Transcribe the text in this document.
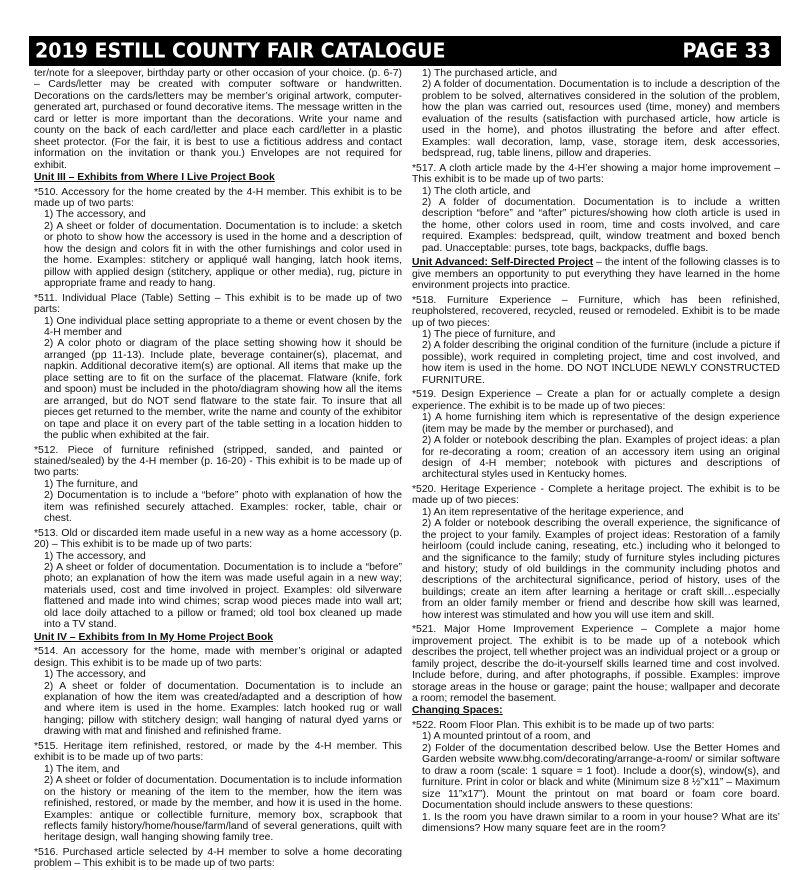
2019 ESTILL COUNTY FAIR CATALOGUE	PAGE 33

ter/note for a sleepover, birthday party or other occasion of your choice. (p. 6-7) – Cards/letter may be created with computer software or handwritten. Decorations on the cards/letters may be member’s original artwork, computer-generated art, purchased or found decorative items. The message written in the card or letter is more important than the decorations. Write your name and county on the back of each card/letter and place each card/letter in a plastic sheet protector. (For the fair, it is best to use a fictitious address and contact information on the invitation or thank you.) Envelopes are not required for exhibit.

Unit III – Exhibits from Where I Live Project Book

*510. Accessory for the home created by the 4-H member. This exhibit is to be made up of two parts:

1) The accessory, and

2) A sheet or folder of documentation. Documentation is to include: a sketch or photo to show how the accessory is used in the home and a description of how the design and colors fit in with the other furnishings and color used in the home. Examples: stitchery or appliqué wall hanging, latch hook items, pillow with applied design (stitchery, applique or other media), rug, picture in appropriate frame and ready to hang.

*511. Individual Place (Table) Setting – This exhibit is to be made up of two parts:

1) One individual place setting appropriate to a theme or event chosen by the 4-H member and

2) A color photo or diagram of the place setting showing how it should be arranged (pp 11-13). Include plate, beverage container(s), placemat, and napkin. Additional decorative item(s) are optional. All items that make up the place setting are to fit on the surface of the placemat. Flatware (knife, fork and spoon) must be included in the photo/diagram showing how all the items are arranged, but do NOT send flatware to the state fair. To insure that all pieces get returned to the member, write the name and county of the exhibitor on tape and place it on every part of the table setting in a location hidden to the public when exhibited at the fair.

*512. Piece of furniture refinished (stripped, sanded, and painted or stained/sealed) by the 4-H member (p. 16-20) - This exhibit is to be made up of two parts:

1) The furniture, and

2) Documentation is to include a “before” photo with explanation of how the item was refinished securely attached. Examples: rocker, table, chair or chest.

*513. Old or discarded item made useful in a new way as a home accessory (p. 20) – This exhibit is to be made up of two parts:

1) The accessory, and

2) A sheet or folder of documentation. Documentation is to include a “before” photo; an explanation of how the item was made useful again in a new way; materials used, cost and time involved in project. Examples: old silverware flattened and made into wind chimes; scrap wood pieces made into wall art; old lace doily attached to a pillow or framed; old tool box cleaned up made into a TV stand.

Unit IV – Exhibits from In My Home Project Book

*514. An accessory for the home, made with member’s original or adapted design. This exhibit is to be made up of two parts:

1) The accessory, and

2) A sheet or folder of documentation. Documentation is to include an explanation of how the item was created/adapted and a description of how and where item is used in the home. Examples: latch hooked rug or wall hanging; pillow with stitchery design; wall hanging of natural dyed yarns or drawing with mat and finished and refinished frame.

*515. Heritage item refinished, restored, or made by the 4-H member. This exhibit is to be made up of two parts:

1) The item, and

2) A sheet or folder of documentation. Documentation is to include information on the history or meaning of the item to the member, how the item was refinished, restored, or made by the member, and how it is used in the home. Examples: antique or collectible furniture, memory box, scrapbook that reflects family history/home/house/farm/land of several generations, quilt with heritage design, wall hanging showing family tree.

*516. Purchased article selected by 4-H member to solve a home decorating problem – This exhibit is to be made up of two parts:

1) The purchased article, and

2) A folder of documentation. Documentation is to include a description of the problem to be solved, alternatives considered in the solution of the problem, how the plan was carried out, resources used (time, money) and members evaluation of the results (satisfaction with purchased article, how article is used in the home), and photos illustrating the before and after effect. Examples: wall decoration, lamp, vase, storage item, desk accessories, bedspread, rug, table linens, pillow and draperies.

*517. A cloth article made by the 4-H’er showing a major home improvement – This exhibit is to be made up of two parts:

1) The cloth article, and

2) A folder of documentation. Documentation is to include a written description “before” and “after” pictures/showing how cloth article is used in the home, other colors used in room, time and costs involved, and care required. Examples: bedspread, quilt, window treatment and boxed bench pad. Unacceptable: purses, tote bags, backpacks, duffle bags.

Unit Advanced: Self-Directed Project – the intent of the following classes is to give members an opportunity to put everything they have learned in the home environment projects into practice.

*518. Furniture Experience – Furniture, which has been refinished, reupholstered, recovered, recycled, reused or remodeled. Exhibit is to be made up of two pieces:

1) The piece of furniture, and

2) A folder describing the original condition of the furniture (include a picture if possible), work required in completing project, time and cost involved, and how item is used in the home. DO NOT INCLUDE NEWLY CONSTRUCTED FURNITURE.

*519. Design Experience – Create a plan for or actually complete a design experience. The exhibit is to be made up of two pieces:

1) A home furnishing item which is representative of the design experience (item may be made by the member or purchased), and

2) A folder or notebook describing the plan. Examples of project ideas: a plan for re-decorating a room; creation of an accessory item using an original design of 4-H member; notebook with pictures and descriptions of architectural styles used in Kentucky homes.

*520. Heritage Experience - Complete a heritage project. The exhibit is to be made up of two pieces:

1) An item representative of the heritage experience, and

2) A folder or notebook describing the overall experience, the significance of the project to your family. Examples of project ideas: Restoration of a family heirloom (could include caning, reseating, etc.) including who it belonged to and the significance to the family; study of furniture styles including pictures and history; study of old buildings in the community including photos and descriptions of the architectural significance, period of history, uses of the buildings; create an item after learning a heritage or craft skill…especially from an older family member or friend and describe how skill was learned, how interest was stimulated and how you will use item and skill.

*521. Major Home Improvement Experience – Complete a major home improvement project. The exhibit is to be made up of a notebook which describes the project, tell whether project was an individual project or a group or family project, describe the do-it-yourself skills learned time and cost involved. Include before, during, and after photographs, if possible. Examples: improve storage areas in the house or garage; paint the house; wallpaper and decorate a room; remodel the basement.

Changing Spaces:

*522. Room Floor Plan. This exhibit is to be made up of two parts:

1) A mounted printout of a room, and

2) Folder of the documentation described below. Use the Better Homes and Garden website www.bhg.com/decorating/arrange-a-room/ or similar software to draw a room (scale: 1 square = 1 foot). Include a door(s), window(s), and furniture. Print in color or black and white (Minimum size 8 ½”x11” – Maximum size 11”x17”). Mount the printout on mat board or foam core board. Documentation should include answers to these questions:

1. Is the room you have drawn similar to a room in your house? What are its’ dimensions? How many square feet are in the room?
